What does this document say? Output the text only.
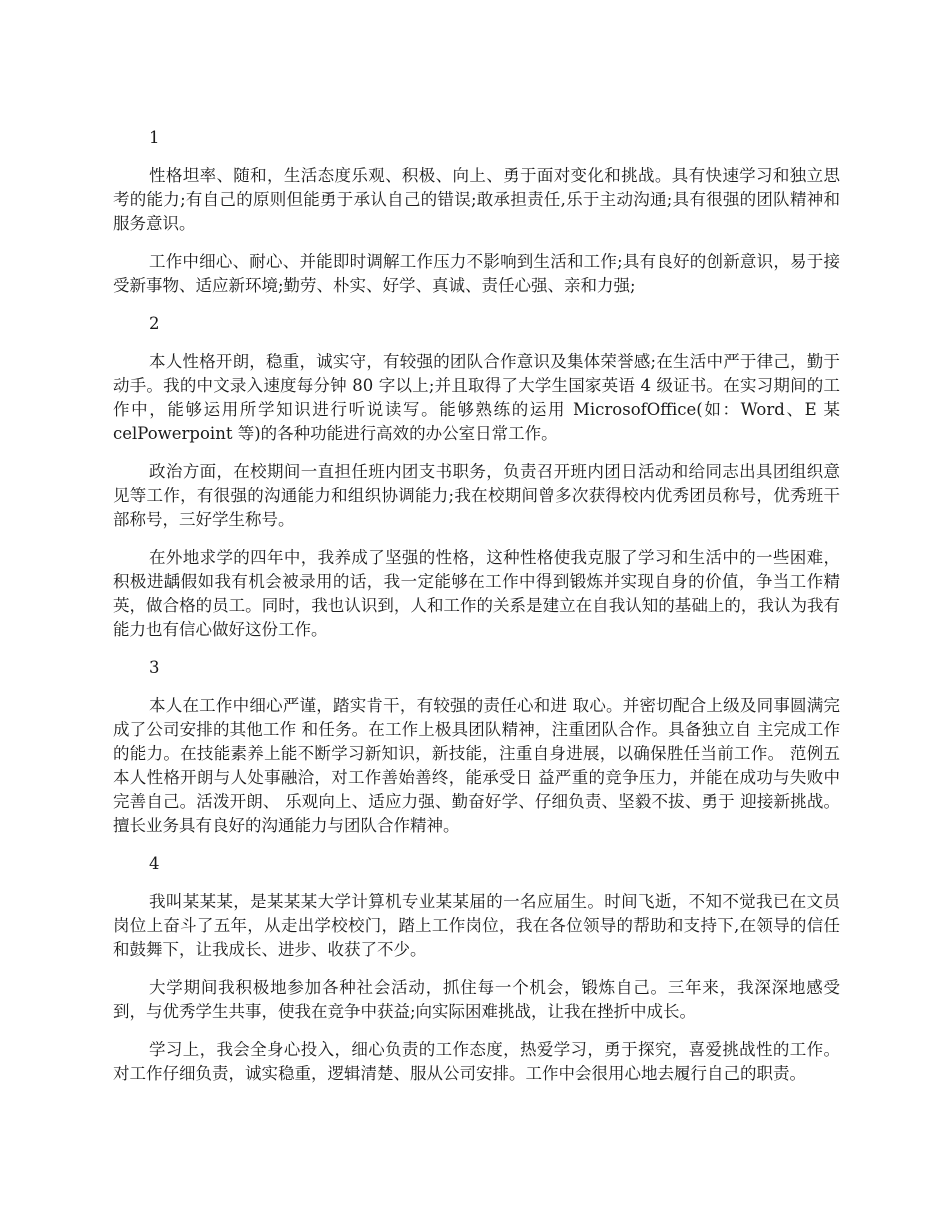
1

性格坦率、随和，生活态度乐观、积极、向上、勇于面对变化和挑战。具有快速学习和独立思考的能力;有自己的原则但能勇于承认自己的错误;敢承担责任,乐于主动沟通;具有很强的团队精神和服务意识。

工作中细心、耐心、并能即时调解工作压力不影响到生活和工作;具有良好的创新意识，易于接受新事物、适应新环境;勤劳、朴实、好学、真诚、责任心强、亲和力强;

2

本人性格开朗，稳重，诚实守，有较强的团队合作意识及集体荣誉感;在生活中严于律己，勤于动手。我的中文录入速度每分钟 80 字以上;并且取得了大学生国家英语 4 级证书。在实习期间的工作中，能够运用所学知识进行听说读写。能够熟练的运用 MicrosofOffice(如：Word、E 某 celPowerpoint 等)的各种功能进行高效的办公室日常工作。

政治方面，在校期间一直担任班内团支书职务，负责召开班内团日活动和给同志出具团组织意见等工作，有很强的沟通能力和组织协调能力;我在校期间曾多次获得校内优秀团员称号，优秀班干部称号，三好学生称号。

在外地求学的四年中，我养成了坚强的性格，这种性格使我克服了学习和生活中的一些困难，积极进龋假如我有机会被录用的话，我一定能够在工作中得到锻炼并实现自身的价值，争当工作精英，做合格的员工。同时，我也认识到，人和工作的关系是建立在自我认知的基础上的，我认为我有能力也有信心做好这份工作。

3

本人在工作中细心严谨，踏实肯干，有较强的责任心和进 取心。并密切配合上级及同事圆满完成了公司安排的其他工作 和任务。在工作上极具团队精神，注重团队合作。具备独立自 主完成工作的能力。在技能素养上能不断学习新知识，新技能，注重自身进展，以确保胜任当前工作。 范例五 本人性格开朗与人处事融洽，对工作善始善终，能承受日 益严重的竞争压力，并能在成功与失败中完善自己。活泼开朗、 乐观向上、适应力强、勤奋好学、仔细负责、坚毅不拔、勇于 迎接新挑战。擅长业务具有良好的沟通能力与团队合作精神。

4

我叫某某某，是某某某大学计算机专业某某届的一名应届生。时间飞逝，不知不觉我已在文员岗位上奋斗了五年，从走出学校校门，踏上工作岗位，我在各位领导的帮助和支持下,在领导的信任和鼓舞下，让我成长、进步、收获了不少。

大学期间我积极地参加各种社会活动，抓住每一个机会，锻炼自己。三年来，我深深地感受到，与优秀学生共事，使我在竞争中获益;向实际困难挑战，让我在挫折中成长。

学习上，我会全身心投入，细心负责的工作态度，热爱学习，勇于探究，喜爱挑战性的工作。对工作仔细负责，诚实稳重，逻辑清楚、服从公司安排。工作中会很用心地去履行自己的职责。
